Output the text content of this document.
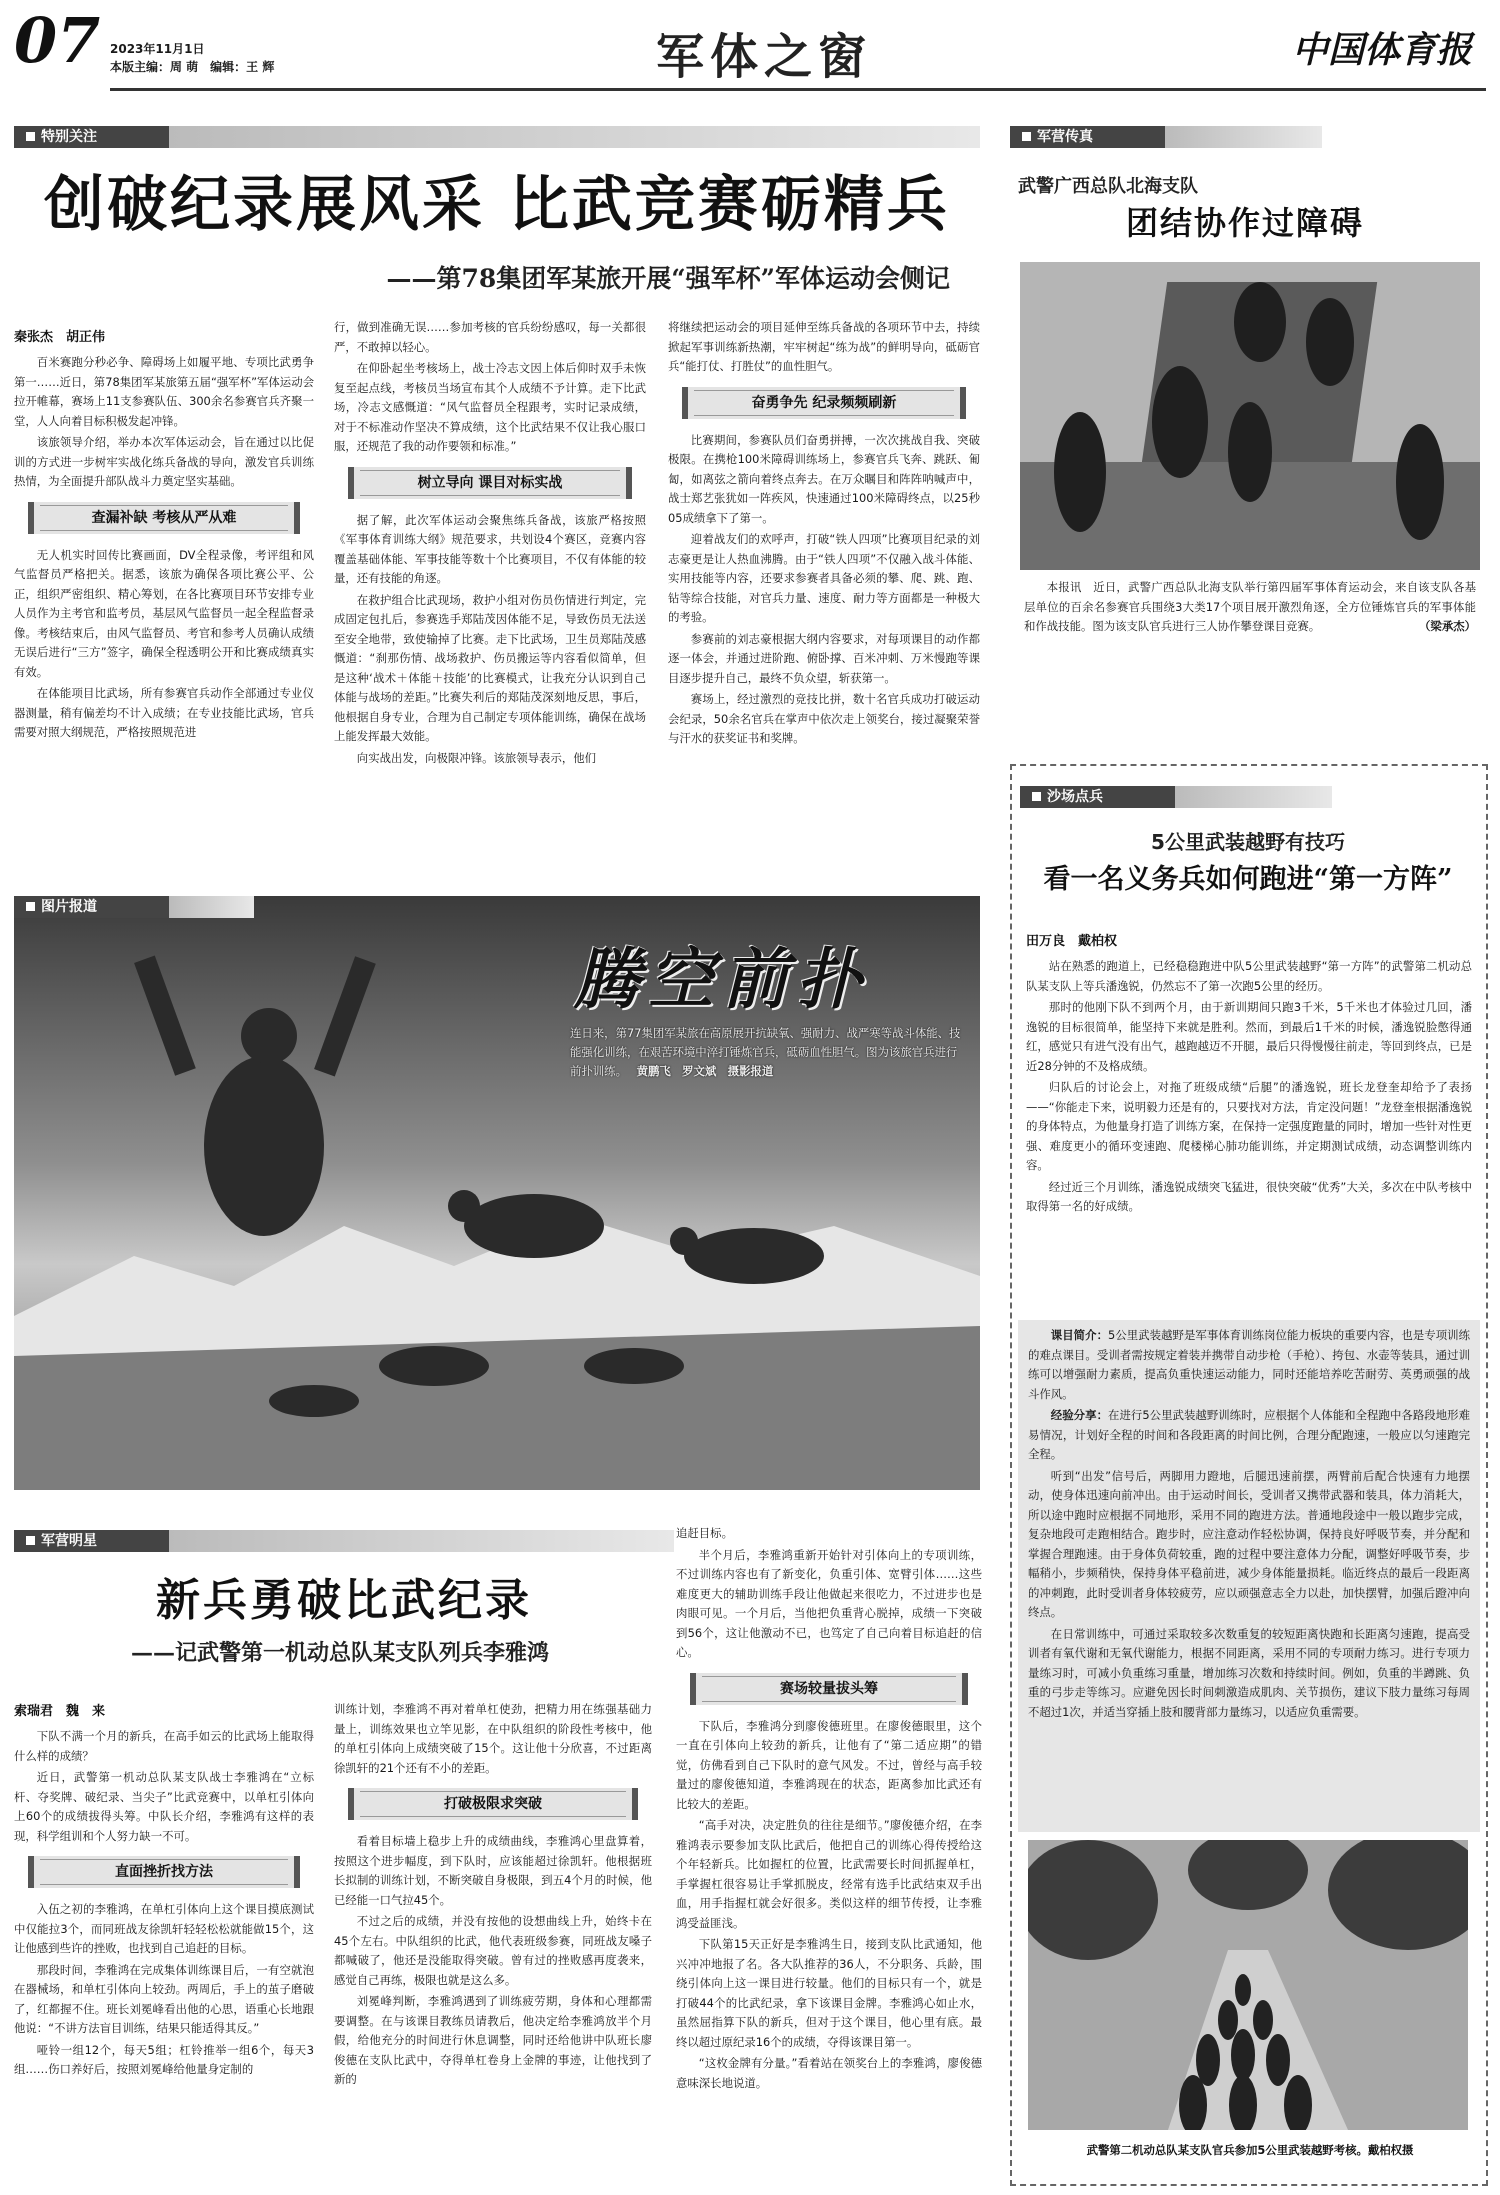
07 2023年11月1日
本版主编：周 萌　编辑：王 辉	军体之窗	中国体育报
特别关注
创破纪录展风采 比武竞赛砺精兵
——第78集团军某旅开展“强军杯”军体运动会侧记

秦张杰　胡正伟

百米赛跑分秒必争、障碍场上如履平地、专项比武勇争第一……近日，第78集团军某旅第五届“强军杯”军体运动会拉开帷幕，赛场上11支参赛队伍、300余名参赛官兵齐聚一堂，人人向着目标积极发起冲锋。

该旅领导介绍，举办本次军体运动会，旨在通过以比促训的方式进一步树牢实战化练兵备战的导向，激发官兵训练热情，为全面提升部队战斗力奠定坚实基础。

查漏补缺 考核从严从难

无人机实时回传比赛画面，DV全程录像，考评组和风气监督员严格把关。据悉，该旅为确保各项比赛公平、公正，组织严密组织、精心筹划，在各比赛项目环节安排专业人员作为主考官和监考员，基层风气监督员一起全程监督录像。考核结束后，由风气监督员、考官和参考人员确认成绩无误后进行“三方”签字，确保全程透明公开和比赛成绩真实有效。

在体能项目比武场，所有参赛官兵动作全部通过专业仪器测量，稍有偏差均不计入成绩；在专业技能比武场，官兵需要对照大纲规范，严格按照规范进

行，做到准确无误……参加考核的官兵纷纷感叹，每一关都很严，不敢掉以轻心。

在仰卧起坐考核场上，战士冷志文因上体后仰时双手未恢复至起点线，考核员当场宣布其个人成绩不予计算。走下比武场，冷志文感慨道：“风气监督员全程跟考，实时记录成绩，对于不标准动作坚决不算成绩，这个比武结果不仅让我心服口服，还规范了我的动作要领和标准。”

树立导向 课目对标实战

据了解，此次军体运动会聚焦练兵备战，该旅严格按照《军事体育训练大纲》规范要求，共划设4个赛区，竞赛内容覆盖基础体能、军事技能等数十个比赛项目，不仅有体能的较量，还有技能的角逐。

在救护组合比武现场，救护小组对伤员伤情进行判定，完成固定包扎后，参赛选手郑陆茂因体能不足，导致伤员无法送至安全地带，致使输掉了比赛。走下比武场，卫生员郑陆茂感慨道：“刹那伤情、战场救护、伤员搬运等内容看似简单，但是这种‘战术＋体能＋技能’的比赛模式，让我充分认识到自己体能与战场的差距。”比赛失利后的郑陆茂深刻地反思，事后，他根据自身专业，合理为自己制定专项体能训练，确保在战场上能发挥最大效能。

向实战出发，向极限冲锋。该旅领导表示，他们

将继续把运动会的项目延伸至练兵备战的各项环节中去，持续掀起军事训练新热潮，牢牢树起“练为战”的鲜明导向，砥砺官兵“能打仗、打胜仗”的血性胆气。

奋勇争先 纪录频频刷新

比赛期间，参赛队员们奋勇拼搏，一次次挑战自我、突破极限。在携枪100米障碍训练场上，参赛官兵飞奔、跳跃、匍匐，如离弦之箭向着终点奔去。在万众瞩目和阵阵呐喊声中，战士郑艺张犹如一阵疾风，快速通过100米障碍终点，以25秒05成绩拿下了第一。

迎着战友们的欢呼声，打破“铁人四项”比赛项目纪录的刘志豪更是让人热血沸腾。由于“铁人四项”不仅融入战斗体能、实用技能等内容，还要求参赛者具备必须的攀、爬、跳、跑、钻等综合技能，对官兵力量、速度、耐力等方面都是一种极大的考验。

参赛前的刘志豪根据大纲内容要求，对每项课目的动作都逐一体会，并通过进阶跑、俯卧撑、百米冲刺、万米慢跑等课目逐步提升自己，最终不负众望，斩获第一。

赛场上，经过激烈的竞技比拼，数十名官兵成功打破运动会纪录，50余名官兵在掌声中依次走上领奖台，接过凝聚荣誉与汗水的获奖证书和奖牌。

图片报道
腾空前扑
连日来，第77集团军某旅在高原展开抗缺氧、强耐力、战严寒等战斗体能、技能强化训练，在艰苦环境中淬打锤炼官兵，砥砺血性胆气。图为该旅官兵进行前扑训练。 黄鹏飞　罗文斌　摄影报道
军营明星
新兵勇破比武纪录
——记武警第一机动总队某支队列兵李雅鸿

索瑞君　魏　来

下队不满一个月的新兵，在高手如云的比武场上能取得什么样的成绩？

近日，武警第一机动总队某支队战士李雅鸿在“立标杆、夺奖牌、破纪录、当尖子”比武竞赛中，以单杠引体向上60个的成绩拔得头筹。中队长介绍，李雅鸿有这样的表现，科学组训和个人努力缺一不可。

直面挫折找方法

入伍之初的李雅鸿，在单杠引体向上这个课目摸底测试中仅能拉3个，而同班战友徐凯轩轻轻松松就能做15个，这让他感到些许的挫败，也找到自己追赶的目标。

那段时间，李雅鸿在完成集体训练课目后，一有空就泡在器械场，和单杠引体向上较劲。两周后，手上的茧子磨破了，红都握不住。班长刘冕峰看出他的心思，语重心长地跟他说：“不讲方法盲目训练，结果只能适得其反。”

哑铃一组12个，每天5组；杠铃推举一组6个，每天3组……伤口养好后，按照刘冕峰给他量身定制的

训练计划，李雅鸿不再对着单杠使劲，把精力用在练强基础力量上，训练效果也立竿见影，在中队组织的阶段性考核中，他的单杠引体向上成绩突破了15个。这让他十分欣喜，不过距离徐凯轩的21个还有不小的差距。

打破极限求突破

看着目标墙上稳步上升的成绩曲线，李雅鸿心里盘算着，按照这个进步幅度，到下队时，应该能超过徐凯轩。他根据班长拟制的训练计划，不断突破自身极限，到五4个月的时候，他已经能一口气拉45个。

不过之后的成绩，并没有按他的设想曲线上升，始终卡在45个左右。中队组织的比武，他代表班级参赛，同班战友嗓子都喊破了，他还是没能取得突破。曾有过的挫败感再度袭来，感觉自己再练，极限也就是这么多。

刘冕峰判断，李雅鸿遇到了训练疲劳期，身体和心理都需要调整。在与该课目教练员请教后，他决定给李雅鸿放半个月假，给他充分的时间进行休息调整，同时还给他讲中队班长廖俊德在支队比武中，夺得单杠卷身上金牌的事迹，让他找到了新的

追赶目标。

半个月后，李雅鸿重新开始针对引体向上的专项训练，不过训练内容也有了新变化，负重引体、宽臂引体……这些难度更大的辅助训练手段让他做起来很吃力，不过进步也是肉眼可见。一个月后，当他把负重背心脱掉，成绩一下突破到56个，这让他激动不已，也笃定了自己向着目标追赶的信心。

赛场较量拔头筹

下队后，李雅鸿分到廖俊德班里。在廖俊德眼里，这个一直在引体向上较劲的新兵，让他有了“第二适应期”的错觉，仿佛看到自己下队时的意气风发。不过，曾经与高手较量过的廖俊德知道，李雅鸿现在的状态，距离参加比武还有比较大的差距。

“高手对决，决定胜负的往往是细节。”廖俊德介绍，在李雅鸿表示要参加支队比武后，他把自己的训练心得传授给这个年轻新兵。比如握杠的位置，比武需要长时间抓握单杠，手掌握杠很容易让手掌抓脱皮，经常有选手比武结束双手出血，用手指握杠就会好很多。类似这样的细节传授，让李雅鸿受益匪浅。

下队第15天正好是李雅鸿生日，接到支队比武通知，他兴冲冲地报了名。各大队推荐的36人，不分职务、兵龄，围绕引体向上这一课目进行较量。他们的目标只有一个，就是打破44个的比武纪录，拿下该课目金牌。李雅鸿心如止水，虽然屈指算下队的新兵，但对于这个课目，他心里有底。最终以超过原纪录16个的成绩，夺得该课目第一。

“这枚金牌有分量。”看着站在领奖台上的李雅鸿，廖俊德意味深长地说道。

军营传真
武警广西总队北海支队
团结协作过障碍
本报讯　近日，武警广西总队北海支队举行第四届军事体育运动会，来自该支队各基层单位的百余名参赛官兵围绕3大类17个项目展开激烈角逐，全方位锤炼官兵的军事体能和作战技能。图为该支队官兵进行三人协作攀登课目竞赛。	（梁承杰）
沙场点兵
5公里武装越野有技巧
看一名义务兵如何跑进“第一方阵”

田万良　戴柏权

站在熟悉的跑道上，已经稳稳跑进中队5公里武装越野“第一方阵”的武警第二机动总队某支队上等兵潘逸锐，仍然忘不了第一次跑5公里的经历。

那时的他刚下队不到两个月，由于新训期间只跑3千米，5千米也才体验过几回，潘逸锐的目标很简单，能坚持下来就是胜利。然而，到最后1千米的时候，潘逸锐脸憋得通红，感觉只有进气没有出气，越跑越迈不开腿，最后只得慢慢往前走，等回到终点，已是近28分钟的不及格成绩。

归队后的讨论会上，对拖了班级成绩“后腿”的潘逸锐，班长龙登奎却给予了表扬——“你能走下来，说明毅力还是有的，只要找对方法，肯定没问题！”龙登奎根据潘逸锐的身体特点，为他量身打造了训练方案，在保持一定强度跑量的同时，增加一些针对性更强、难度更小的循环变速跑、爬楼梯心肺功能训练，并定期测试成绩，动态调整训练内容。

经过近三个月训练，潘逸锐成绩突飞猛进，很快突破“优秀”大关，多次在中队考核中取得第一名的好成绩。

课目简介：5公里武装越野是军事体育训练岗位能力板块的重要内容，也是专项训练的难点课目。受训者需按规定着装并携带自动步枪（手枪）、挎包、水壶等装具，通过训练可以增强耐力素质，提高负重快速运动能力，同时还能培养吃苦耐劳、英勇顽强的战斗作风。

经验分享：在进行5公里武装越野训练时，应根据个人体能和全程跑中各路段地形难易情况，计划好全程的时间和各段距离的时间比例，合理分配跑速，一般应以匀速跑完全程。

听到“出发”信号后，两脚用力蹬地，后腿迅速前摆，两臂前后配合快速有力地摆动，使身体迅速向前冲出。由于运动时间长，受训者又携带武器和装具，体力消耗大，所以途中跑时应根据不同地形，采用不同的跑进方法。普通地段途中一般以跑步完成，复杂地段可走跑相结合。跑步时，应注意动作轻松协调，保持良好呼吸节奏，并分配和掌握合理跑速。由于身体负荷较重，跑的过程中要注意体力分配，调整好呼吸节奏，步幅稍小，步频稍快，保持身体平稳前进，减少身体能量损耗。临近终点的最后一段距离的冲刺跑，此时受训者身体较疲劳，应以顽强意志全力以赴，加快摆臂，加强后蹬冲向终点。

在日常训练中，可通过采取较多次数重复的较短距离快跑和长距离匀速跑，提高受训者有氧代谢和无氧代谢能力，根据不同距离，采用不同的专项耐力练习。进行专项力量练习时，可减小负重练习重量，增加练习次数和持续时间。例如，负重的半蹲跳、负重的弓步走等练习。应避免因长时间刺激造成肌肉、关节损伤，建议下肢力量练习每周不超过1次，并适当穿插上肢和腰背部力量练习，以适应负重需要。

武警第二机动总队某支队官兵参加5公里武装越野考核。戴柏权摄
